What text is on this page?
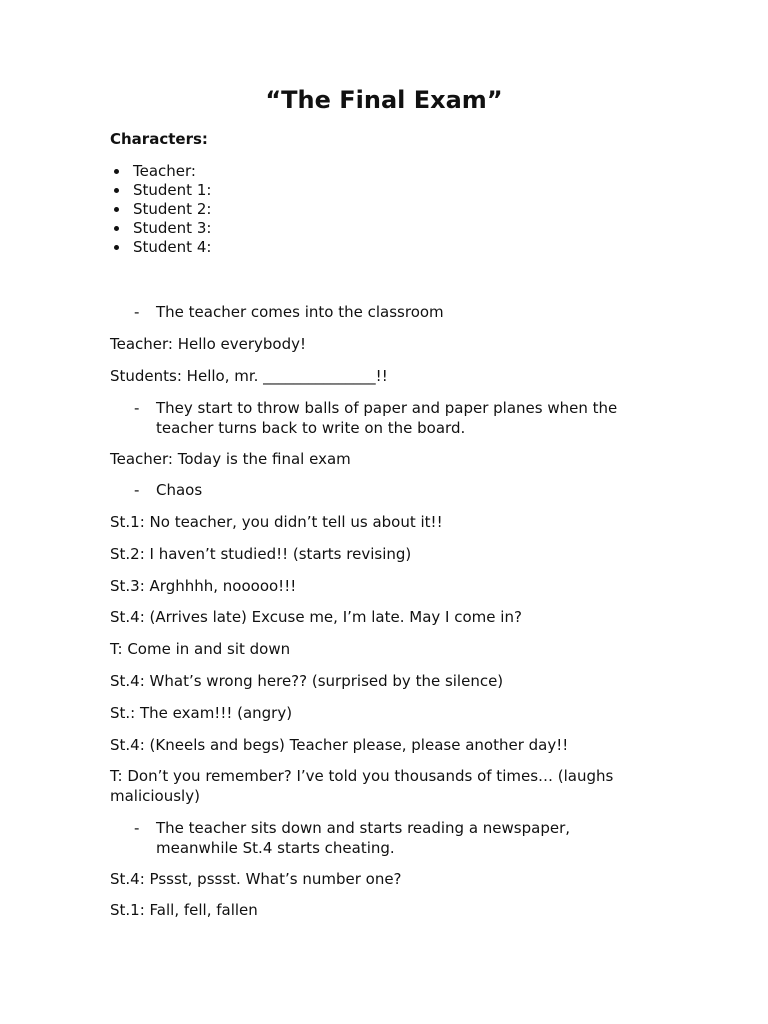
“The Final Exam”
Characters:
Teacher:
Student 1:
Student 2:
Student 3:
Student 4:
- The teacher comes into the classroom
Teacher: Hello everybody!
Students: Hello, mr. _______________!!
- They start to throw balls of paper and paper planes when the teacher turns back to write on the board.
Teacher: Today is the final exam
- Chaos
St.1: No teacher, you didn’t tell us about it!!
St.2: I haven’t studied!! (starts revising)
St.3: Arghhhh, nooooo!!!
St.4: (Arrives late) Excuse me, I’m late. May I come in?
T: Come in and sit down
St.4: What’s wrong here?? (surprised by the silence)
St.: The exam!!! (angry)
St.4: (Kneels and begs) Teacher please, please another day!!
T: Don’t you remember? I’ve told you thousands of times… (laughs maliciously)
- The teacher sits down and starts reading a newspaper, meanwhile St.4 starts cheating.
St.4: Pssst, pssst. What’s number one?
St.1: Fall, fell, fallen
